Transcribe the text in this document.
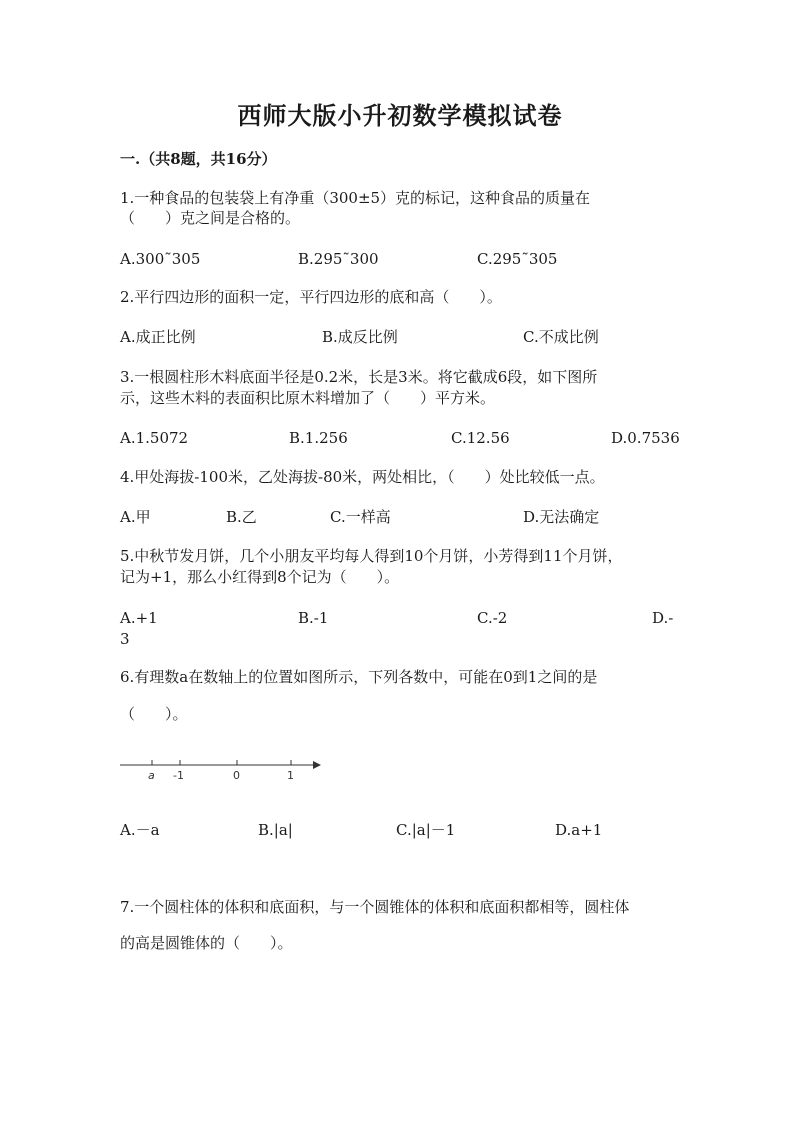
西师大版小升初数学模拟试卷
一.（共8题，共16分）
1.一种食品的包装袋上有净重（300±5）克的标记，这种食品的质量在
（　　）克之间是合格的。
A.300˜305	B.295˜300	C.295˜305
2.平行四边形的面积一定，平行四边形的底和高（　　）。
A.成正比例	B.成反比例	C.不成比例
3.一根圆柱形木料底面半径是0.2米，长是3米。将它截成6段，如下图所
示，这些木料的表面积比原木料增加了（　　）平方米。
A.1.5072	B.1.256	C.12.56	D.0.7536
4.甲处海拔-100米，乙处海拔-80米，两处相比，（　　）处比较低一点。
A.甲	B.乙	C.一样高	D.无法确定
5.中秋节发月饼，几个小朋友平均每人得到10个月饼，小芳得到11个月饼，
记为+1，那么小红得到8个记为（　　）。
A.+1	B.-1	C.-2	D.-
3
6.有理数a在数轴上的位置如图所示，下列各数中，可能在0到1之间的是
（　　）。
a -1	0	1
A.－a	B.|a|	C.|a|－1	D.a+1
7.一个圆柱体的体积和底面积，与一个圆锥体的体积和底面积都相等，圆柱体
的高是圆锥体的（　　）。
